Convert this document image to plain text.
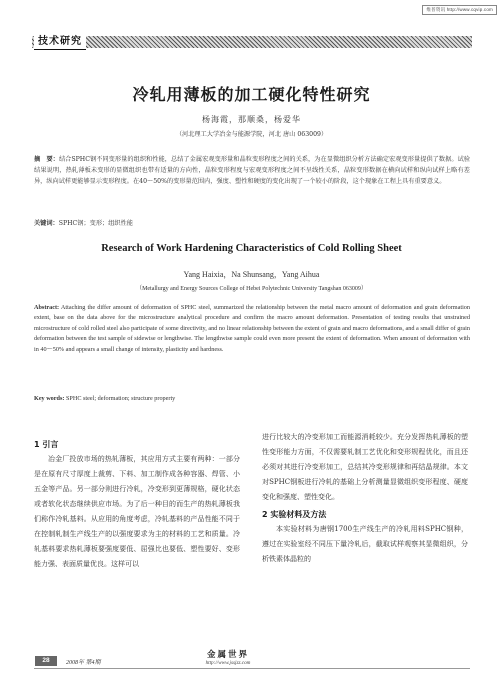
维普资讯 http://www.cqvip.com
技术研究
冷轧用薄板的加工硬化特性研究
杨海霞，那顺桑，杨爱华
（河北理工大学冶金与能源学院，河北 唐山 063009）
摘　要：结合SPHC钢不同变形量的组织和性能，总结了金属宏观变形量和晶粒变形程度之间的关系，为在显微组织分析方法确定宏观变形量提供了数据。试验结果说明，热轧薄板未变形的显微组织也带有适量的方向性，晶粒变形程度与宏观变形程度之间不呈线性关系，晶粒变形数据在横向试样和纵向试样上略有差异，纵向试样更能够显示变形程度。在40～50%的变形量范围内，强度、塑性和硬度的变化出现了一个较小的阶段，这个现象在工程上具有重要意义。
关键词：SPHC钢；变形；组织性能
Research of Work Hardening Characteristics of Cold Rolling Sheet
Yang Haixia，Na Shunsang，Yang Aihua
（Metallurgy and Energy Sources College of Hebei Polytechnic University Tangshan 063009）
Abstract: Attaching the differ amount of deformation of SPHC steel, summarized the relationship between the metal macro amount of deformation and grain deformation extent, base on the data above for the microstructure analytical procedure and confirm the macro amount deformation. Presentation of testing results that unstrained microstructure of cold rolled steel also participate of some directivity, and no linear relationship between the extent of grain and macro deformations, and a small differ of grain deformation between the test sample of sidewise or lengthwise. The lengthwise sample could even more present the extent of deformation. When amount of deformation with in 40～50% and appears a small change of intensity, plasticity and hardness.
Key words: SPHC steel; deformation; structure property
1 引言
冶金厂投放市场的热轧薄板，其应用方式主要有两种：一部分是在原有尺寸厚度上裁剪、下料、加工制作成各种容器、焊管、小五金等产品。另一部分则进行冷轧，冷变形到更薄规格，硬化状态或者软化状态继续供应市场。为了后一种目的而生产的热轧薄板我们称作冷轧基料。从应用的角度考虑，冷轧基料的产品性能不同于在控制轧制生产线生产的以强度要求为主的材料的工艺和质量。冷轧基料要求热轧薄板要强度要低、屈强比也要低、塑性要好、变形能力强、表面质量优良。这样可以
进行比较大的冷变形加工而能源消耗较少。充分发挥热轧薄板的塑性变形能力方面，不仅需要轧制工艺优化和变形规程优化，而且还必须对其进行冷变形加工，总结其冷变形规律和再结晶规律。本文对SPHC钢板进行冷轧的基础上分析测量显微组织变形程度、硬度变化和强度、塑性变化。
2 实验材料及方法
本实验材料为唐钢1700生产线生产的冷轧用料SPHC钢种，遵过在实验室经不同压下量冷轧后，截取试样观察其显微组织，分析铁素体晶粒的
28	2008年 第4期
金属世界
http://www.jssjzz.com
